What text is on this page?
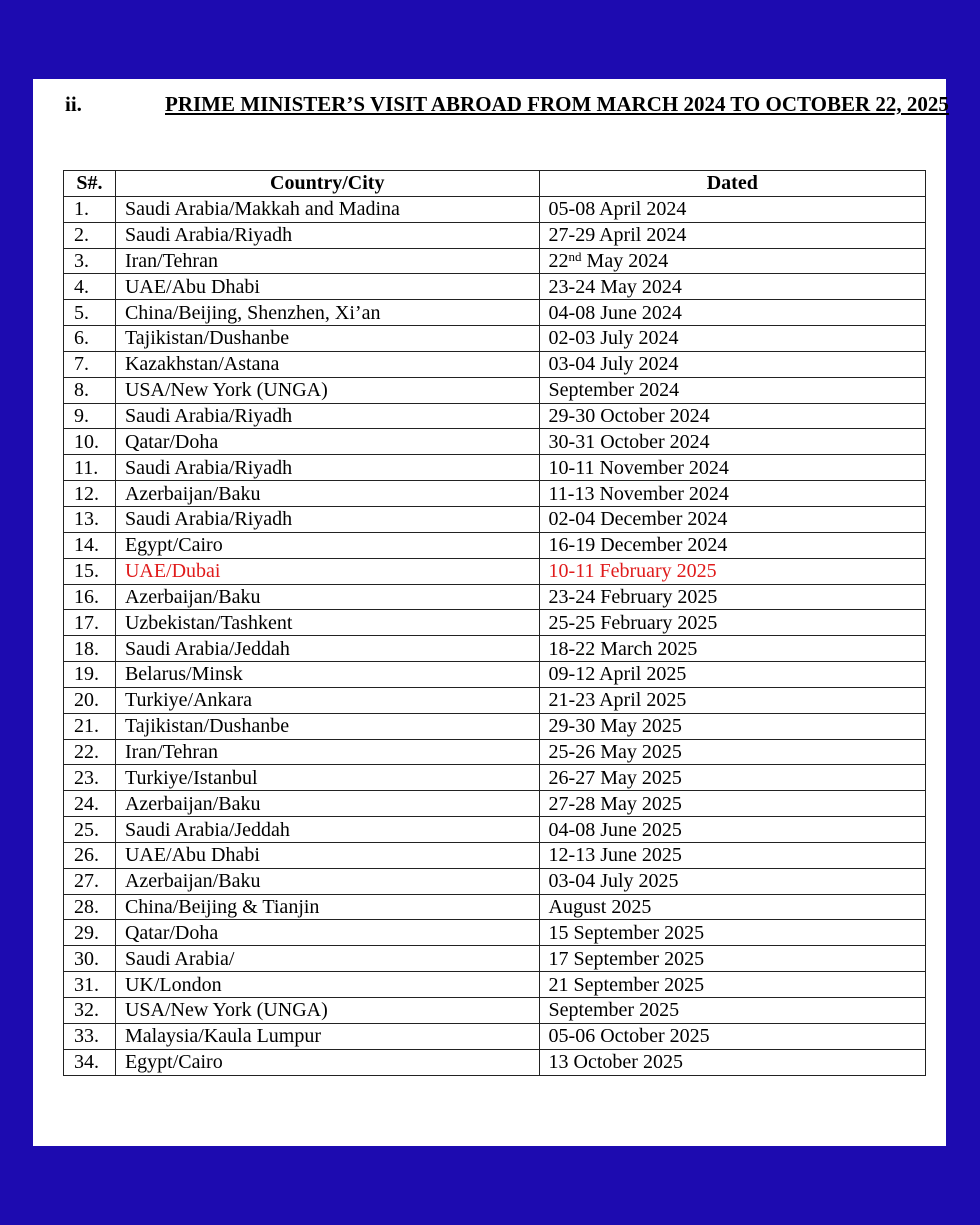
ii.	PRIME MINISTER’S VISIT ABROAD FROM MARCH 2024 TO OCTOBER 22, 2025
S#.	Country/City	Dated
1.	Saudi Arabia/Makkah and Madina	05-08 April 2024
2.	Saudi Arabia/Riyadh	27-29 April 2024
3.	Iran/Tehran	22nd May 2024
4.	UAE/Abu Dhabi	23-24 May 2024
5.	China/Beijing, Shenzhen, Xi’an	04-08 June 2024
6.	Tajikistan/Dushanbe	02-03 July 2024
7.	Kazakhstan/Astana	03-04 July 2024
8.	USA/New York (UNGA)	September 2024
9.	Saudi Arabia/Riyadh	29-30 October 2024
10.	Qatar/Doha	30-31 October 2024
11.	Saudi Arabia/Riyadh	10-11 November 2024
12.	Azerbaijan/Baku	11-13 November 2024
13.	Saudi Arabia/Riyadh	02-04 December 2024
14.	Egypt/Cairo	16-19 December 2024
15.	UAE/Dubai	10-11 February 2025
16.	Azerbaijan/Baku	23-24 February 2025
17.	Uzbekistan/Tashkent	25-25 February 2025
18.	Saudi Arabia/Jeddah	18-22 March 2025
19.	Belarus/Minsk	09-12 April 2025
20.	Turkiye/Ankara	21-23 April 2025
21.	Tajikistan/Dushanbe	29-30 May 2025
22.	Iran/Tehran	25-26 May 2025
23.	Turkiye/Istanbul	26-27 May 2025
24.	Azerbaijan/Baku	27-28 May 2025
25.	Saudi Arabia/Jeddah	04-08 June 2025
26.	UAE/Abu Dhabi	12-13 June 2025
27.	Azerbaijan/Baku	03-04 July 2025
28.	China/Beijing & Tianjin	August 2025
29.	Qatar/Doha	15 September 2025
30.	Saudi Arabia/	17 September 2025
31.	UK/London	21 September 2025
32.	USA/New York (UNGA)	September 2025
33.	Malaysia/Kaula Lumpur	05-06 October 2025
34.	Egypt/Cairo	13 October 2025
